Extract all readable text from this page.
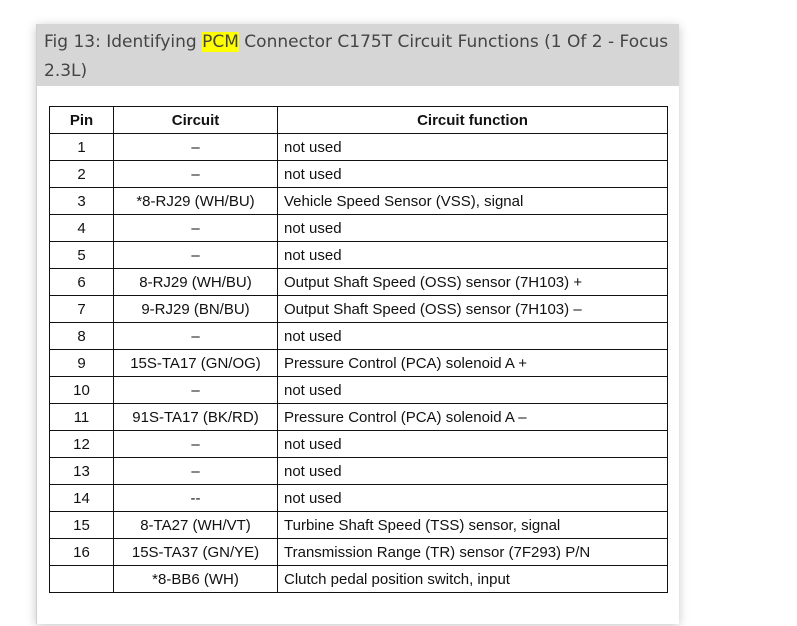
Fig 13: Identifying PCM Connector C175T Circuit Functions (1 Of 2 - Focus 2.3L)
Pin	Circuit	Circuit function
1	–	not used
2	–	not used
3	*8-RJ29 (WH/BU)	Vehicle Speed Sensor (VSS), signal
4	–	not used
5	–	not used
6	8-RJ29 (WH/BU)	Output Shaft Speed (OSS) sensor (7H103) +
7	9-RJ29 (BN/BU)	Output Shaft Speed (OSS) sensor (7H103) –
8	–	not used
9	15S-TA17 (GN/OG)	Pressure Control (PCA) solenoid A +
10	–	not used
11	91S-TA17 (BK/RD)	Pressure Control (PCA) solenoid A –
12	–	not used
13	–	not used
14	--	not used
15	8-TA27 (WH/VT)	Turbine Shaft Speed (TSS) sensor, signal
16	15S-TA37 (GN/YE)	Transmission Range (TR) sensor (7F293) P/N
	*8-BB6 (WH)	Clutch pedal position switch, input
